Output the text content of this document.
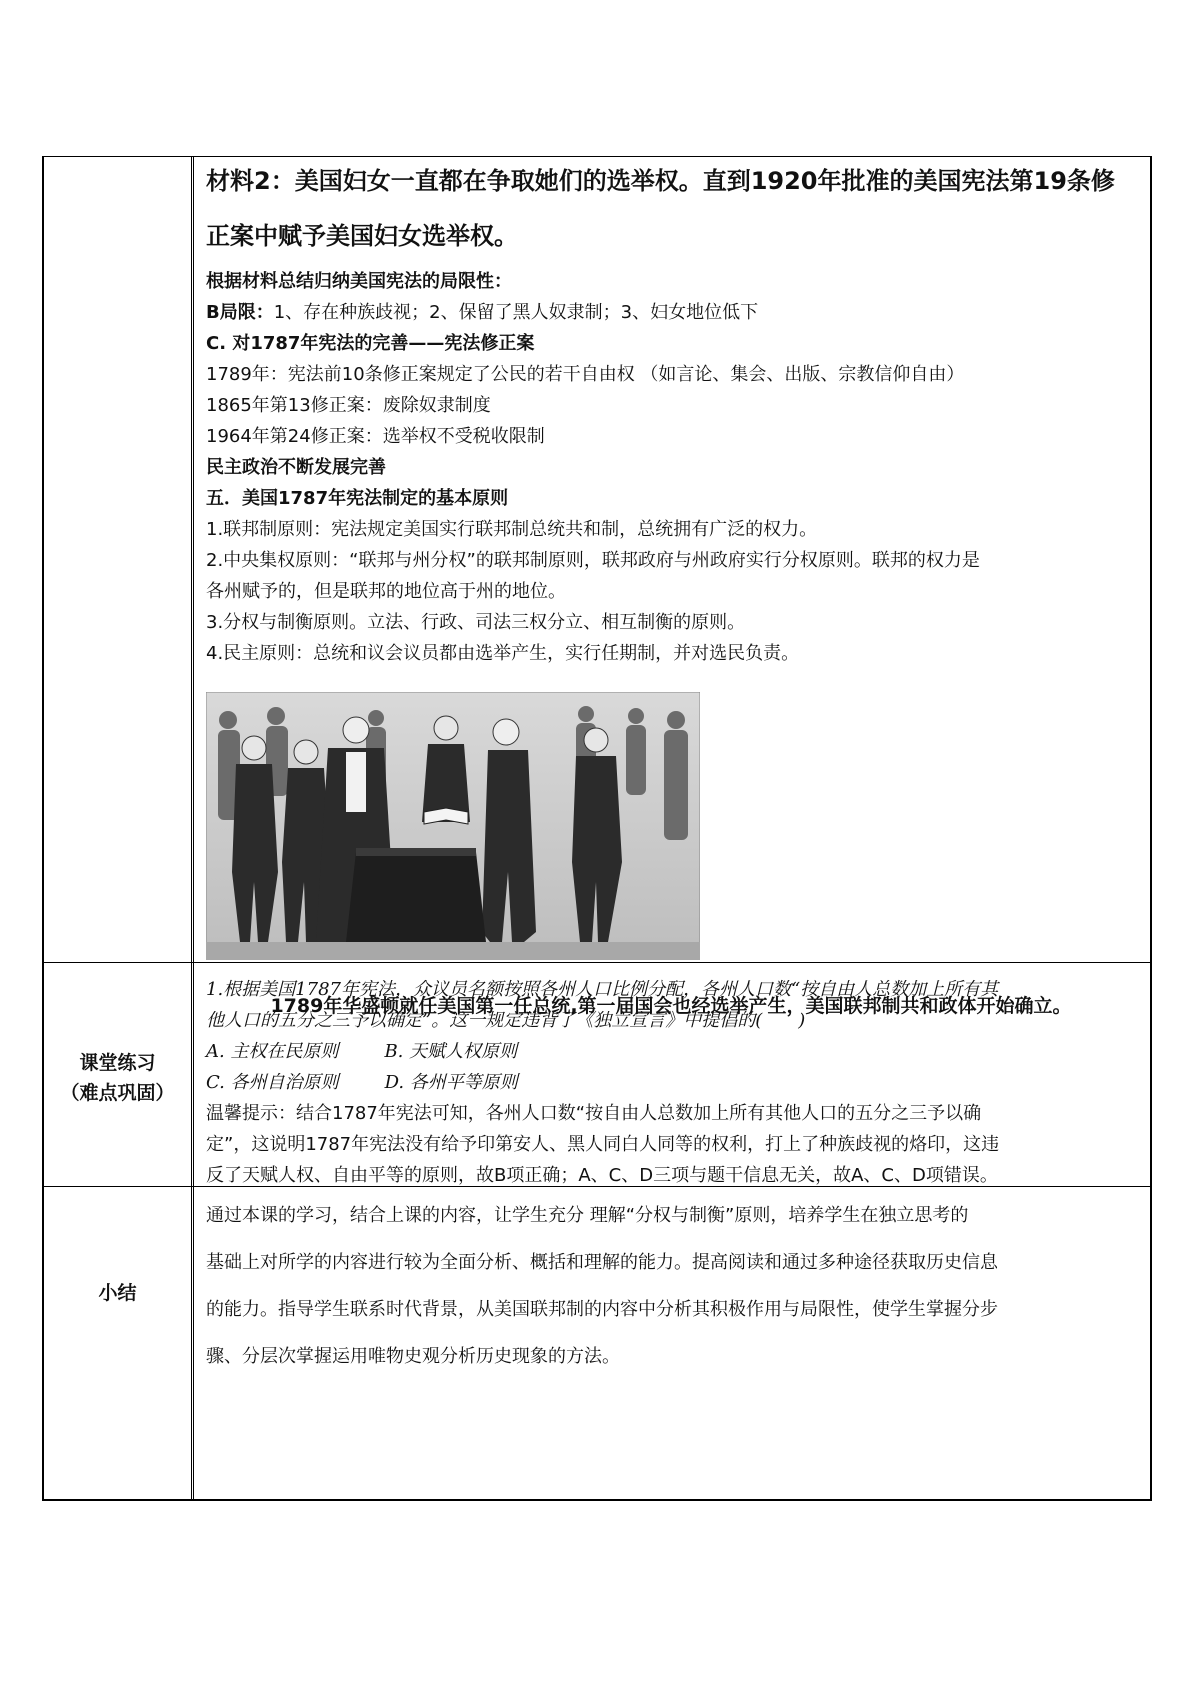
材料2：美国妇女一直都在争取她们的选举权。直到1920年批准的美国宪法第19条修

正案中赋予美国妇女选举权。

根据材料总结归纳美国宪法的局限性：

B局限：1、存在种族歧视；2、保留了黑人奴隶制；3、妇女地位低下

C. 对1787年宪法的完善——宪法修正案

1789年：宪法前10条修正案规定了公民的若干自由权 （如言论、集会、出版、宗教信仰自由）

1865年第13修正案：废除奴隶制度

1964年第24修正案：选举权不受税收限制

民主政治不断发展完善

五．美国1787年宪法制定的基本原则

1.联邦制原则：宪法规定美国实行联邦制总统共和制，总统拥有广泛的权力。

2.中央集权原则：“联邦与州分权”的联邦制原则，联邦政府与州政府实行分权原则。联邦的权力是

各州赋予的，但是联邦的地位高于州的地位。

3.分权与制衡原则。立法、行政、司法三权分立、相互制衡的原则。

4.民主原则：总统和议会议员都由选举产生，实行任期制，并对选民负责。

1789年华盛顿就任美国第一任总统,第一届国会也经选举产生，美国联邦制共和政体开始确立。

课堂练习
（难点巩固）

1.根据美国1787年宪法，众议员名额按照各州人口比例分配，各州人口数“按自由人总数加上所有其

他人口的五分之三予以确定”。这一规定违背了《独立宣言》中提倡的(　　)

A. 主权在民原则	B. 天赋人权原则

C. 各州自治原则	D. 各州平等原则

温馨提示：结合1787年宪法可知，各州人口数“按自由人总数加上所有其他人口的五分之三予以确

定”，这说明1787年宪法没有给予印第安人、黑人同白人同等的权利，打上了种族歧视的烙印，这违

反了天赋人权、自由平等的原则，故B项正确；A、C、D三项与题干信息无关，故A、C、D项错误。

小结

通过本课的学习，结合上课的内容，让学生充分 理解“分权与制衡”原则，培养学生在独立思考的

基础上对所学的内容进行较为全面分析、概括和理解的能力。提高阅读和通过多种途径获取历史信息

的能力。指导学生联系时代背景，从美国联邦制的内容中分析其积极作用与局限性，使学生掌握分步

骤、分层次掌握运用唯物史观分析历史现象的方法。
